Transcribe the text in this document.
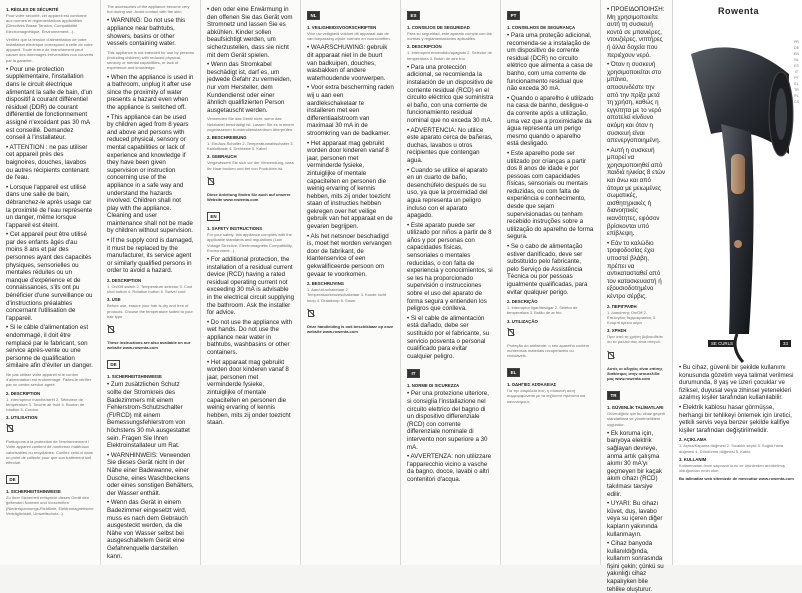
1. RÈGLES DE SÉCURITÉ

Pour votre sécurité, cet appareil est conforme aux normes et réglementations applicables (Directives Basse Tension, Compatibilité Electromagnétique, Environnement...).

Vérifiez que la tension d'alimentation de votre installation électrique correspond à celle de votre appareil. Toute erreur de branchement peut causer des dommages irréversibles non couverts par la garantie.

• Pour une protection supplémentaire, l'installation dans le circuit électrique alimentant la salle de bain, d'un dispositif à courant différentiel résiduel (DDR) de courant différentiel de fonctionnement assigné n'excédant pas 30 mA est conseillé. Demandez conseil à l'installateur.

• ATTENTION : ne pas utiliser cet appareil près des baignoires, douches, lavabos ou autres récipients contenant de l'eau.

• Lorsque l'appareil est utilisé dans une salle de bain, débranchez-le après usage car la proximité de l'eau représente un danger, même lorsque l'appareil est éteint.

• Cet appareil peut être utilisé par des enfants âgés d'au moins 8 ans et par des personnes ayant des capacités physiques, sensorielles ou mentales réduites ou un manque d'expérience et de connaissances, s'ils ont pu bénéficier d'une surveillance ou d'instructions préalables concernant l'utilisation de l'appareil.

• Si le câble d'alimentation est endommagé, il doit être remplacé par le fabricant, son service après-vente ou une personne de qualification similaire afin d'éviter un danger.

Ne pas utiliser votre appareil si le cordon d'alimentation est endommagé. Faites-le vérifier par un centre service agréé.

2. DESCRIPTION

1. Interrupteur marche/arrêt 2. Sélecteur de température 3. Touche air froid 4. Bouton de rotation 5. Cordon

3. UTILISATION

Participons à la protection de l'environnement ! Votre appareil contient de nombreux matériaux valorisables ou recyclables. Confiez celui-ci dans un point de collecte pour que son traitement soit effectué.

DE
1. SICHERHEITSHINWEISE

Zu Ihrer Sicherheit entspricht dieses Gerät den geltenden Normen und Vorschriften (Niederspannungs-Richtlinie, Elektromagnetische Verträglichkeit, Umweltschutz...).

The accessories of the appliance become very hot during use. Avoid contact with the skin.

• WARNING: Do not use this appliance near bathtubs, showers, basins or other vessels containing water.

This appliance is not intended for use by persons (including children) with reduced physical, sensory or mental capabilities, or lack of experience and knowledge.

• When the appliance is used in a bathroom, unplug it after use since the proximity of water presents a hazard even when the appliance is switched off.

• This appliance can be used by children aged from 8 years and above and persons with reduced physical, sensory or mental capabilities or lack of experience and knowledge if they have been given supervision or instruction concerning use of the appliance in a safe way and understand the hazards involved. Children shall not play with the appliance. Cleaning and user maintenance shall not be made by children without supervision.

• If the supply cord is damaged, it must be replaced by the manufacturer, its service agent or similarly qualified persons in order to avoid a hazard.

2. DESCRIPTION

1. On/Off switch 2. Temperature selector 3. Cool shot button 4. Rotation button 5. Swivel cord

3. USE

Before use, ensure your hair is dry and free of products. Choose the temperature suited to your hair type.

These instructions are also available on our website www.rowenta.com

DE
1. SICHERHEITSHINWEISE

• Zum zusätzlichen Schutz sollte der Stromkreis des Badezimmers mit einem Fehlerstrom-Schutzschalter (FI/RCD) mit einem Bemessungsfehlerstrom von höchstens 30 mA ausgestattet sein. Fragen Sie Ihren Elektroinstallateur um Rat.

• WARNHINWEIS: Verwenden Sie dieses Gerät nicht in der Nähe einer Badewanne, einer Dusche, eines Waschbeckens oder eines sonstigen Behälters, der Wasser enthält.

• Wenn das Gerät in einem Badezimmer eingesetzt wird, muss es nach dem Gebrauch ausgesteckt werden, da die Nähe von Wasser selbst bei ausgeschaltetem Gerät eine Gefahrenquelle darstellen kann.

• den oder eine Erwärmung in den offenen Sie das Gerät vom Stromnetz und lassen Sie es abkühlen. Kinder sollen beaufsichtigt werden, um sicherzustellen, dass sie nicht mit dem Gerät spielen.

• Wenn das Stromkabel beschädigt ist, darf es, um jedwede Gefahr zu vermeiden, nur vom Hersteller, dem Kundendienst oder einer ähnlich qualifizierten Person ausgetauscht werden.

Verwenden Sie das Gerät nicht, wenn das Netzkabel beschädigt ist. Lassen Sie es in einem zugelassenen Kundendienstzentrum überprüfen.

2. BESCHREIBUNG

1. Ein/Aus-Schalter 2. Temperaturwahlschalter 3. Kaltlufttaste 4. Drehtaste 5. Kabel

3. GEBRAUCH

Vergewissern Sie sich vor der Verwendung, dass Ihr Haar trocken und frei von Produkten ist.

Diese Anleitung finden Sie auch auf unserer Website www.rowenta.com

EN
1. SAFETY INSTRUCTIONS

For your safety, this appliance complies with the applicable standards and regulations (Low Voltage Directive, Electromagnetic Compatibility, Environment...).

• For additional protection, the installation of a residual current device (RCD) having a rated residual operating current not exceeding 30 mA is advisable in the electrical circuit supplying the bathroom. Ask the installer for advice.

• Do not use the appliance with wet hands. Do not use the appliance near water in bathtubs, washbasins or other containers.

• Het apparaat mag gebruikt worden door kinderen vanaf 8 jaar, personen met verminderde fysieke, zintuiglijke of mentale capaciteiten en personen die weinig ervaring of kennis hebben, mits zij onder toezicht staan.

NL
1. VEILIGHEIDSVOORSCHRIFTEN

Voor uw veiligheid voldoet dit apparaat aan de van toepassing zijnde normen en voorschriften.

• WAARSCHUWING: gebruik dit apparaat niet in de buurt van badkuipen, douches, wasbakken of andere waterhoudende voorwerpen.

• Voor extra bescherming raden wij u aan een aardlekschakelaar te installeren met een differentiaalstroom van maximaal 30 mA in de stroomkring van de badkamer.

• Het apparaat mag gebruikt worden door kinderen vanaf 8 jaar, personen met verminderde fysieke, zintuiglijke of mentale capaciteiten en personen die weinig ervaring of kennis hebben, mits zij onder toezicht staan of instructies hebben gekregen over het veilige gebruik van het apparaat en de gevaren begrijpen.

• Als het netsnoer beschadigd is, moet het worden vervangen door de fabrikant, de klantenservice of een gekwalificeerde persoon om gevaar te voorkomen.

2. BESCHRIJVING

1. Aan/uit-schakelaar 2. Temperatuurkeuzeschakelaar 3. Koude lucht knop 4. Draaiknop 5. Snoer

Deze handleiding is ook beschikbaar op onze website www.rowenta.com

ES
1. CONSEJOS DE SEGURIDAD

Para su seguridad, este aparato cumple con las normas y reglamentaciones aplicables.

2. DESCRIPCIÓN

1. Interruptor encendido/apagado 2. Selector de temperatura 3. Botón de aire frío

• Para una protección adicional, se recomienda la instalación de un dispositivo de corriente residual (RCD) en el circuito eléctrico que suministra el baño, con una corriente de funcionamiento residual nominal que no exceda 30 mA.

• ADVERTENCIA: No utilice este aparato cerca de bañeras, duchas, lavabos u otros recipientes que contengan agua.

• Cuando se utilice el aparato en un cuarto de baño, desenchúfelo después de su uso, ya que la proximidad del agua representa un peligro incluso con el aparato apagado.

• Este aparato puede ser utilizado por niños a partir de 8 años y por personas con capacidades físicas, sensoriales o mentales reducidas, o con falta de experiencia y conocimientos, si se les ha proporcionado supervisión o instrucciones sobre el uso del aparato de forma segura y entienden los peligros que conlleva.

• Si el cable de alimentación está dañado, debe ser sustituido por el fabricante, su servicio posventa o personal cualificado para evitar cualquier peligro.

IT
1. NORME DI SICUREZZA

• Per una protezione ulteriore, si consiglia l'installazione nel circuito elettrico del bagno di un dispositivo differenziale (RCD) con corrente differenziale nominale di intervento non superiore a 30 mA.

• AVVERTENZA: non utilizzare l'apparecchio vicino a vasche da bagno, docce, lavabi o altri contenitori d'acqua.

PT
1. CONSELHOS DE SEGURANÇA

• Para uma proteção adicional, recomenda-se a instalação de um dispositivo de corrente residual (DCR) no circuito elétrico que alimenta a casa de banho, com uma corrente de funcionamento residual que não exceda 30 mA.

• Quando o aparelho é utilizado na casa de banho, desligue-o da corrente após a utilização, uma vez que a proximidade da água representa um perigo mesmo quando o aparelho está desligado.

• Este aparelho pode ser utilizado por crianças a partir dos 8 anos de idade e por pessoas com capacidades físicas, sensoriais ou mentais reduzidas, ou com falta de experiência e conhecimento, desde que sejam supervisionadas ou tenham recebido instruções sobre a utilização do aparelho de forma segura.

• Se o cabo de alimentação estiver danificado, deve ser substituído pelo fabricante, pelo Serviço de Assistência Técnica ou por pessoas igualmente qualificadas, para evitar qualquer perigo.

2. DESCRIÇÃO

1. Interruptor ligar/desligar 2. Seletor de temperatura 3. Botão de ar frio

3. UTILIZAÇÃO

Proteção do ambiente: o seu aparelho contém numerosos materiais recuperáveis ou recicláveis.

EL
1. ΟΔΗΓΙΕΣ ΑΣΦΑΛΕΙΑΣ

Για την ασφάλειά σας, η συσκευή αυτή συμμορφώνεται με τα ισχύοντα πρότυπα και κανονισμούς.

• ΠΡΟΕΙΔΟΠΟΙΗΣΗ: Μη χρησιμοποιείτε αυτή τη συσκευή κοντά σε μπανιέρες, ντουζιέρες, νιπτήρες ή άλλα δοχεία που περιέχουν νερό.

• Όταν η συσκευή χρησιμοποιείται στο μπάνιο, αποσυνδέστε την από την πρίζα μετά τη χρήση, καθώς η εγγύτητα με το νερό αποτελεί κίνδυνο ακόμη και όταν η συσκευή είναι απενεργοποιημένη.

• Αυτή η συσκευή μπορεί να χρησιμοποιηθεί από παιδιά ηλικίας 8 ετών και άνω και από άτομα με μειωμένες σωματικές, αισθητηριακές ή διανοητικές ικανότητες, εφόσον βρίσκονται υπό επίβλεψη.

• Εάν το καλώδιο τροφοδοσίας έχει υποστεί βλάβη, πρέπει να αντικατασταθεί από τον κατασκευαστή ή εξουσιοδοτημένο κέντρο σέρβις.

2. ΠΕΡΙΓΡΑΦΗ

1. Διακόπτης On/Off 2. Επιλογέας θερμοκρασίας 3. Κουμπί κρύου αέρα

3. ΧΡΗΣΗ

Πριν από τη χρήση βεβαιωθείτε ότι τα μαλλιά σας είναι στεγνά.

Αυτές οι οδηγίες είναι επίσης διαθέσιμες στην ιστοσελίδα μας www.rowenta.com

TR
1. GÜVENLİK TALİMATLARI

Güvenliğiniz için bu cihaz geçerli standartlara ve yönetmeliklere uygundur.

• Ek koruma için, banyoya elektrik sağlayan devreye, anma artık çalışma akımı 30 mA'yı geçmeyen bir kaçak akım cihazı (RCD) takılması tavsiye edilir.

• UYARI: Bu cihazı küvet, duş, lavabo veya su içeren diğer kapların yakınında kullanmayın.

• Cihaz banyoda kullanıldığında, kullanım sonrasında fişini çekin; çünkü su yakınlığı cihaz kapalıyken bile tehlike oluşturur.

• Bu cihaz, güvenli bir şekilde kullanımı konusunda gözetim veya talimat verilmesi durumunda, 8 yaş ve üzeri çocuklar ve fiziksel, duyusal veya zihinsel yetenekleri azalmış kişiler tarafından kullanılabilir.

• Elektrik kablosu hasar görmüşse, herhangi bir tehlikeyi önlemek için üretici, yetkili servis veya benzer şekilde kalifiye kişiler tarafından değiştirilmelidir.

2. AÇIKLAMA

1. Açma/Kapama düğmesi 2. Sıcaklık seçici 3. Soğuk hava düğmesi 4. Döndürme düğmesi 5. Kablo

3. KULLANIM

Kullanmadan önce saçınızın kuru ve ürünlerden arındırılmış olduğundan emin olun.

Bu talimatlar web sitemizde de mevcuttur www.rowenta.com

Rowenta
SE CURLS	33
FR
DE
EN
NL
ES
IT
PT
EL
TR
PL
CS
